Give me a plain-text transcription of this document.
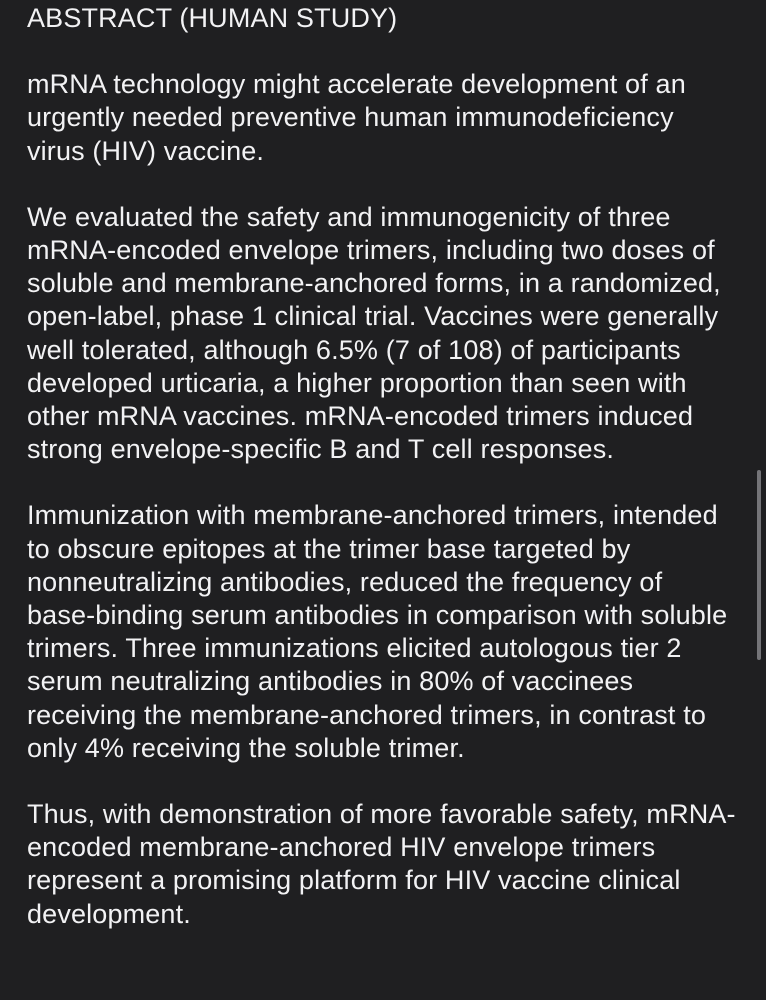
ABSTRACT (HUMAN STUDY)

mRNA technology might accelerate development of an urgently needed preventive human immunodeficiency virus (HIV) vaccine.

We evaluated the safety and immunogenicity of three mRNA-encoded envelope trimers, including two doses of soluble and membrane-anchored forms, in a randomized, open-label, phase 1 clinical trial. Vaccines were generally well tolerated, although 6.5% (7 of 108) of participants developed urticaria, a higher proportion than seen with other mRNA vaccines. mRNA-encoded trimers induced strong envelope-specific B and T cell responses.

Immunization with membrane-anchored trimers, intended to obscure epitopes at the trimer base targeted by nonneutralizing antibodies, reduced the frequency of base-binding serum antibodies in comparison with soluble trimers. Three immunizations elicited autologous tier 2 serum neutralizing antibodies in 80% of vaccinees receiving the membrane-anchored trimers, in contrast to only 4% receiving the soluble trimer.

Thus, with demonstration of more favorable safety, mRNA-encoded membrane-anchored HIV envelope trimers represent a promising platform for HIV vaccine clinical development.
